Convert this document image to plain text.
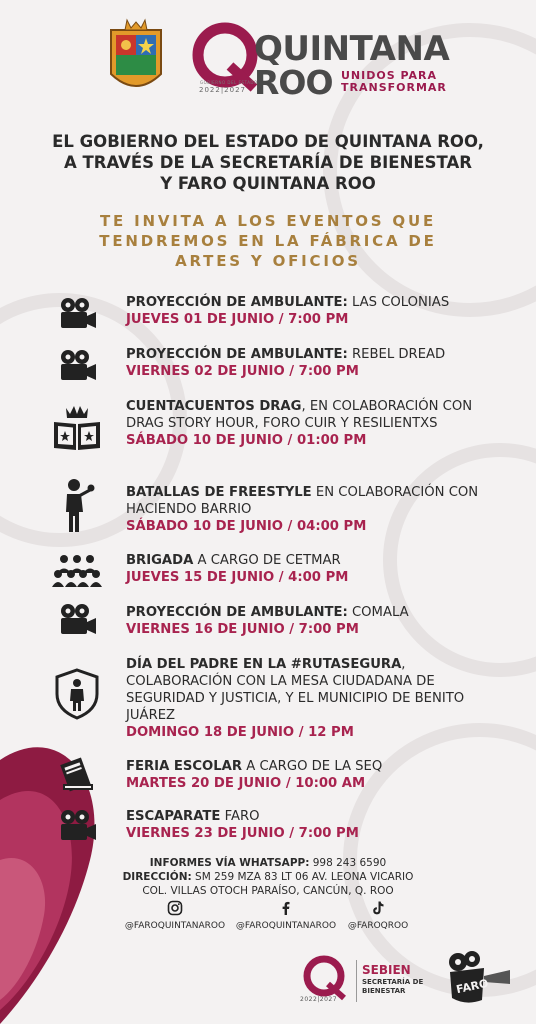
QUINTANA
ROO UNIDOS PARA
TRANSFORMAR
GOBIERNO DEL ESTADO
2022|2027
EL GOBIERNO DEL ESTADO DE QUINTANA ROO,
A TRAVÉS DE LA SECRETARÍA DE BIENESTAR
Y FARO QUINTANA ROO
TE INVITA A LOS EVENTOS QUE
TENDREMOS EN LA FÁBRICA DE
ARTES Y OFICIOS
PROYECCIÓN DE AMBULANTE: LAS COLONIAS
JUEVES 01 DE JUNIO / 7:00 PM
PROYECCIÓN DE AMBULANTE: REBEL DREAD
VIERNES 02 DE JUNIO / 7:00 PM
CUENTACUENTOS DRAG, EN COLABORACIÓN CON DRAG STORY HOUR, FORO CUIR Y RESILIENTXS
SÁBADO 10 DE JUNIO / 01:00 PM
BATALLAS DE FREESTYLE EN COLABORACIÓN CON HACIENDO BARRIO
SÁBADO 10 DE JUNIO / 04:00 PM
BRIGADA A CARGO DE CETMAR
JUEVES 15 DE JUNIO / 4:00 PM
PROYECCIÓN DE AMBULANTE: COMALA
VIERNES 16 DE JUNIO / 7:00 PM
DÍA DEL PADRE EN LA #RUTASEGURA, COLABORACIÓN CON LA MESA CIUDADANA DE SEGURIDAD Y JUSTICIA, Y EL MUNICIPIO DE BENITO JUÁREZ
DOMINGO 18 DE JUNIO / 12 PM
FERIA ESCOLAR A CARGO DE LA SEQ
MARTES 20 DE JUNIO / 10:00 AM
ESCAPARATE FARO
VIERNES 23 DE JUNIO / 7:00 PM
INFORMES VÍA WHATSAPP: 998 243 6590
DIRECCIÓN: SM 259 MZA 83 LT 06 AV. LEONA VICARIO
COL. VILLAS OTOCH PARAÍSO, CANCÚN, Q. ROO
@FAROQUINTANAROO	@FAROQUINTANAROO	@FAROQROO
2022|2027
SEBIEN
SECRETARÍA DE
BIENESTAR	FARO
